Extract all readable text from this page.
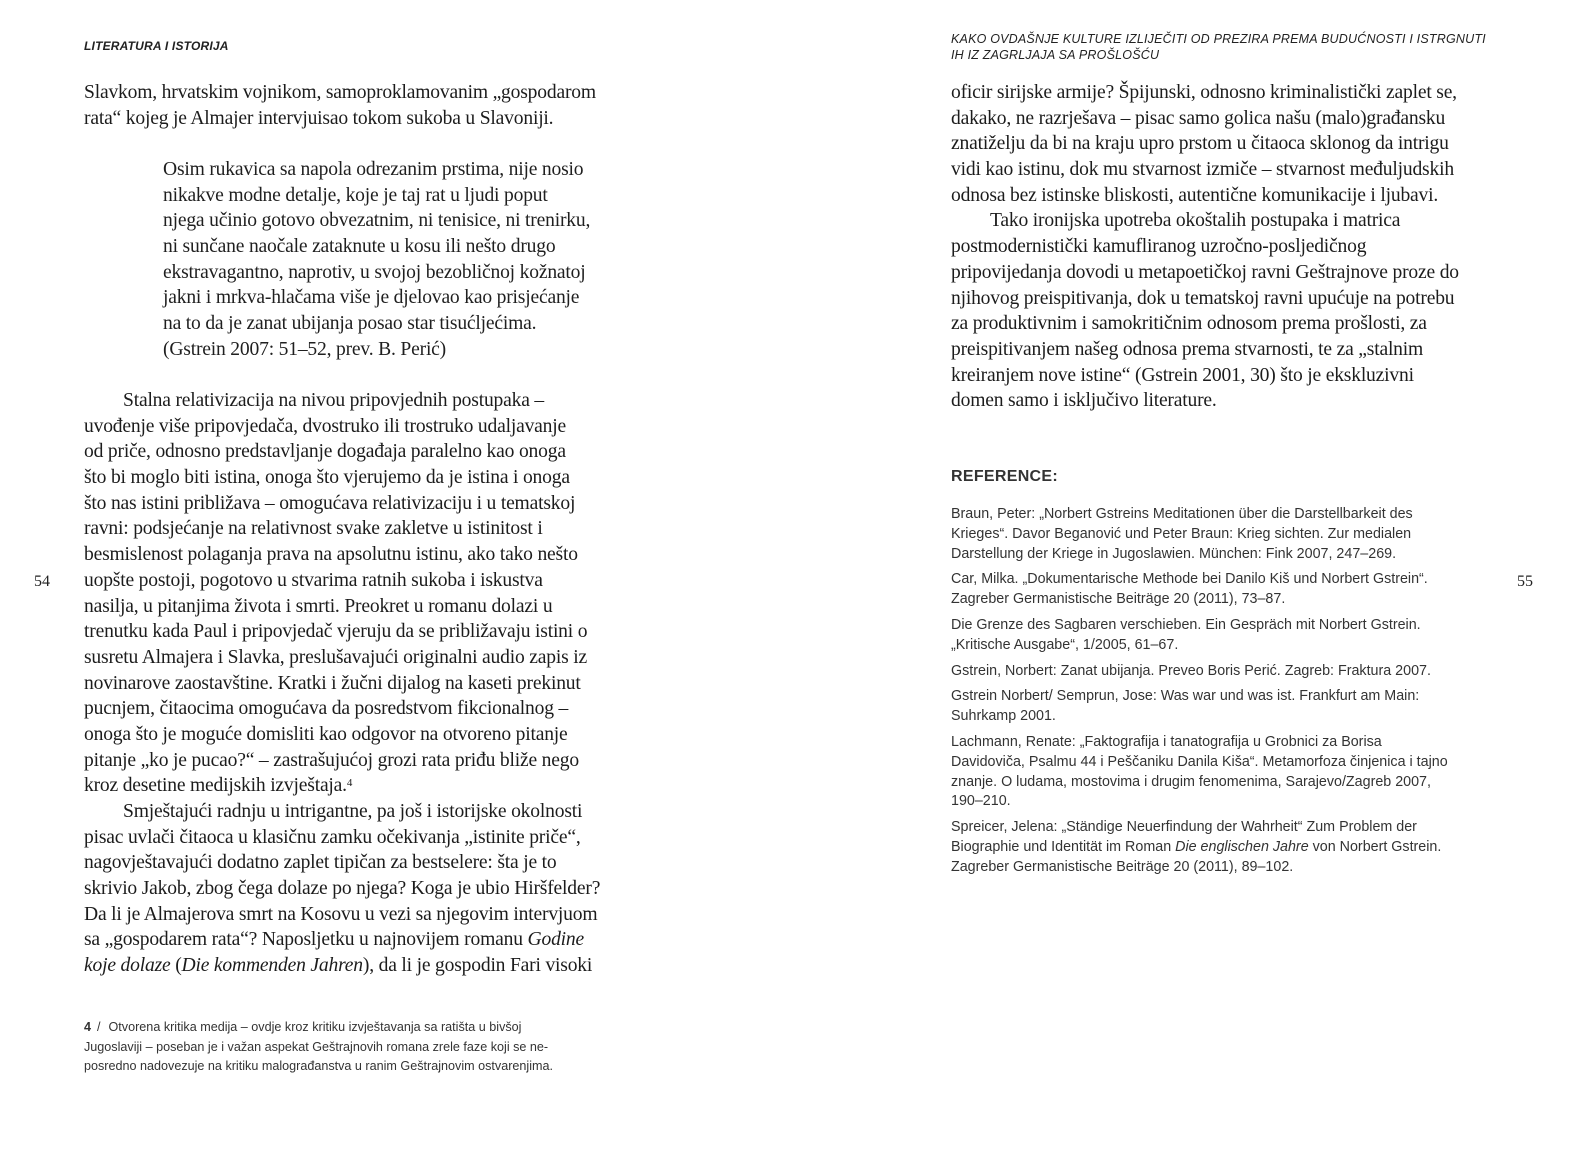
LITERATURA I ISTORIJA
54
Slavkom, hrvatskim vojnikom, samoproklamovanim „gospodarom
rata“ kojeg je Almajer intervjuisao tokom sukoba u Slavoniji.
Osim rukavica sa napola odrezanim prstima, nije nosio
nikakve modne detalje, koje je taj rat u ljudi poput
njega učinio gotovo obvezatnim, ni tenisice, ni trenirku,
ni sunčane naočale zataknute u kosu ili nešto drugo
ekstravagantno, naprotiv, u svojoj bezobličnoj kožnatoj
jakni i mrkva-hlačama više je djelovao kao prisjećanje
na to da je zanat ubijanja posao star tisućljećima.
(Gstrein 2007: 51–52, prev. B. Perić)
Stalna relativizacija na nivou pripovjednih postupaka –
uvođenje više pripovjedača, dvostruko ili trostruko udaljavanje
od priče, odnosno predstavljanje događaja paralelno kao onoga
što bi moglo biti istina, onoga što vjerujemo da je istina i onoga
što nas istini približava – omogućava relativizaciju i u tematskoj
ravni: podsjećanje na relativnost svake zakletve u istinitost i
besmislenost polaganja prava na apsolutnu istinu, ako tako nešto
uopšte postoji, pogotovo u stvarima ratnih sukoba i iskustva
nasilja, u pitanjima života i smrti. Preokret u romanu dolazi u
trenutku kada Paul i pripovjedač vjeruju da se približavaju istini o
susretu Almajera i Slavka, preslušavajući originalni audio zapis iz
novinarove zaostavštine. Kratki i žučni dijalog na kaseti prekinut
pucnjem, čitaocima omogućava da posredstvom fikcionalnog –
onoga što je moguće domisliti kao odgovor na otvoreno pitanje
pitanje „ko je pucao?“ – zastrašujućoj grozi rata priđu bliže nego
kroz desetine medijskih izvještaja.$^4$
Smještajući radnju u intrigantne, pa još i istorijske okolnosti
pisac uvlači čitaoca u klasičnu zamku očekivanja „istinite priče“,
nagovještavajući dodatno zaplet tipičan za bestselere: šta je to
skrivio Jakob, zbog čega dolaze po njega? Koga je ubio Hiršfelder?
Da li je Almajerova smrt na Kosovu u vezi sa njegovim intervjuom
sa „gospodarem rata“? Naposljetku u najnovijem romanu Godine
koje dolaze (Die kommenden Jahren), da li je gospodin Fari visoki
4 / Otvorena kritika medija – ovdje kroz kritiku izvještavanja sa ratišta u bivšoj
Jugoslaviji – poseban je i važan aspekat Geštrajnovih romana zrele faze koji se ne-
posredno nadovezuje na kritiku malograđanstva u ranim Geštrajnovim ostvarenjima.
KAKO OVDAŠNJE KULTURE IZLIJEČITI OD PREZIRA PREMA BUDUĆNOSTI I ISTRGNUTI
IH IZ ZAGRLJAJA SA PROŠLOŠĆU
55
oficir sirijske armije? Špijunski, odnosno kriminalistički zaplet se,
dakako, ne razrješava – pisac samo golica našu (malo)građansku
znatiželju da bi na kraju upro prstom u čitaoca sklonog da intrigu
vidi kao istinu, dok mu stvarnost izmiče – stvarnost međuljudskih
odnosa bez istinske bliskosti, autentične komunikacije i ljubavi.
Tako ironijska upotreba okoštalih postupaka i matrica
postmodernistički kamufliranog uzročno-posljedičnog
pripovijedanja dovodi u metapoetičkoj ravni Geštrajnove proze do
njihovog preispitivanja, dok u tematskoj ravni upućuje na potrebu
za produktivnim i samokritičnim odnosom prema prošlosti, za
preispitivanjem našeg odnosa prema stvarnosti, te za „stalnim
kreiranjem nove istine“ (Gstrein 2001, 30) što je ekskluzivni
domen samo i isključivo literature.
REFERENCE:
Braun, Peter: „Norbert Gstreins Meditationen über die Darstellbarkeit des
Krieges“. Davor Beganović und Peter Braun: Krieg sichten. Zur medialen
Darstellung der Kriege in Jugoslawien. München: Fink 2007, 247–269.
Car, Milka. „Dokumentarische Methode bei Danilo Kiš und Norbert Gstrein“.
Zagreber Germanistische Beiträge 20 (2011), 73–87.
Die Grenze des Sagbaren verschieben. Ein Gespräch mit Norbert Gstrein.
„Kritische Ausgabe“, 1/2005, 61–67.
Gstrein, Norbert: Zanat ubijanja. Preveo Boris Perić. Zagreb: Fraktura 2007.
Gstrein Norbert/ Semprun, Jose: Was war und was ist. Frankfurt am Main:
Suhrkamp 2001.
Lachmann, Renate: „Faktografija i tanatografija u Grobnici za Borisa
Davidoviča, Psalmu 44 i Peščaniku Danila Kiša“. Metamorfoza činjenica i tajno
znanje. O ludama, mostovima i drugim fenomenima, Sarajevo/Zagreb 2007,
190–210.
Spreicer, Jelena: „Ständige Neuerfindung der Wahrheit“ Zum Problem der
Biographie und Identität im Roman Die englischen Jahre von Norbert Gstrein.
Zagreber Germanistische Beiträge 20 (2011), 89–102.
